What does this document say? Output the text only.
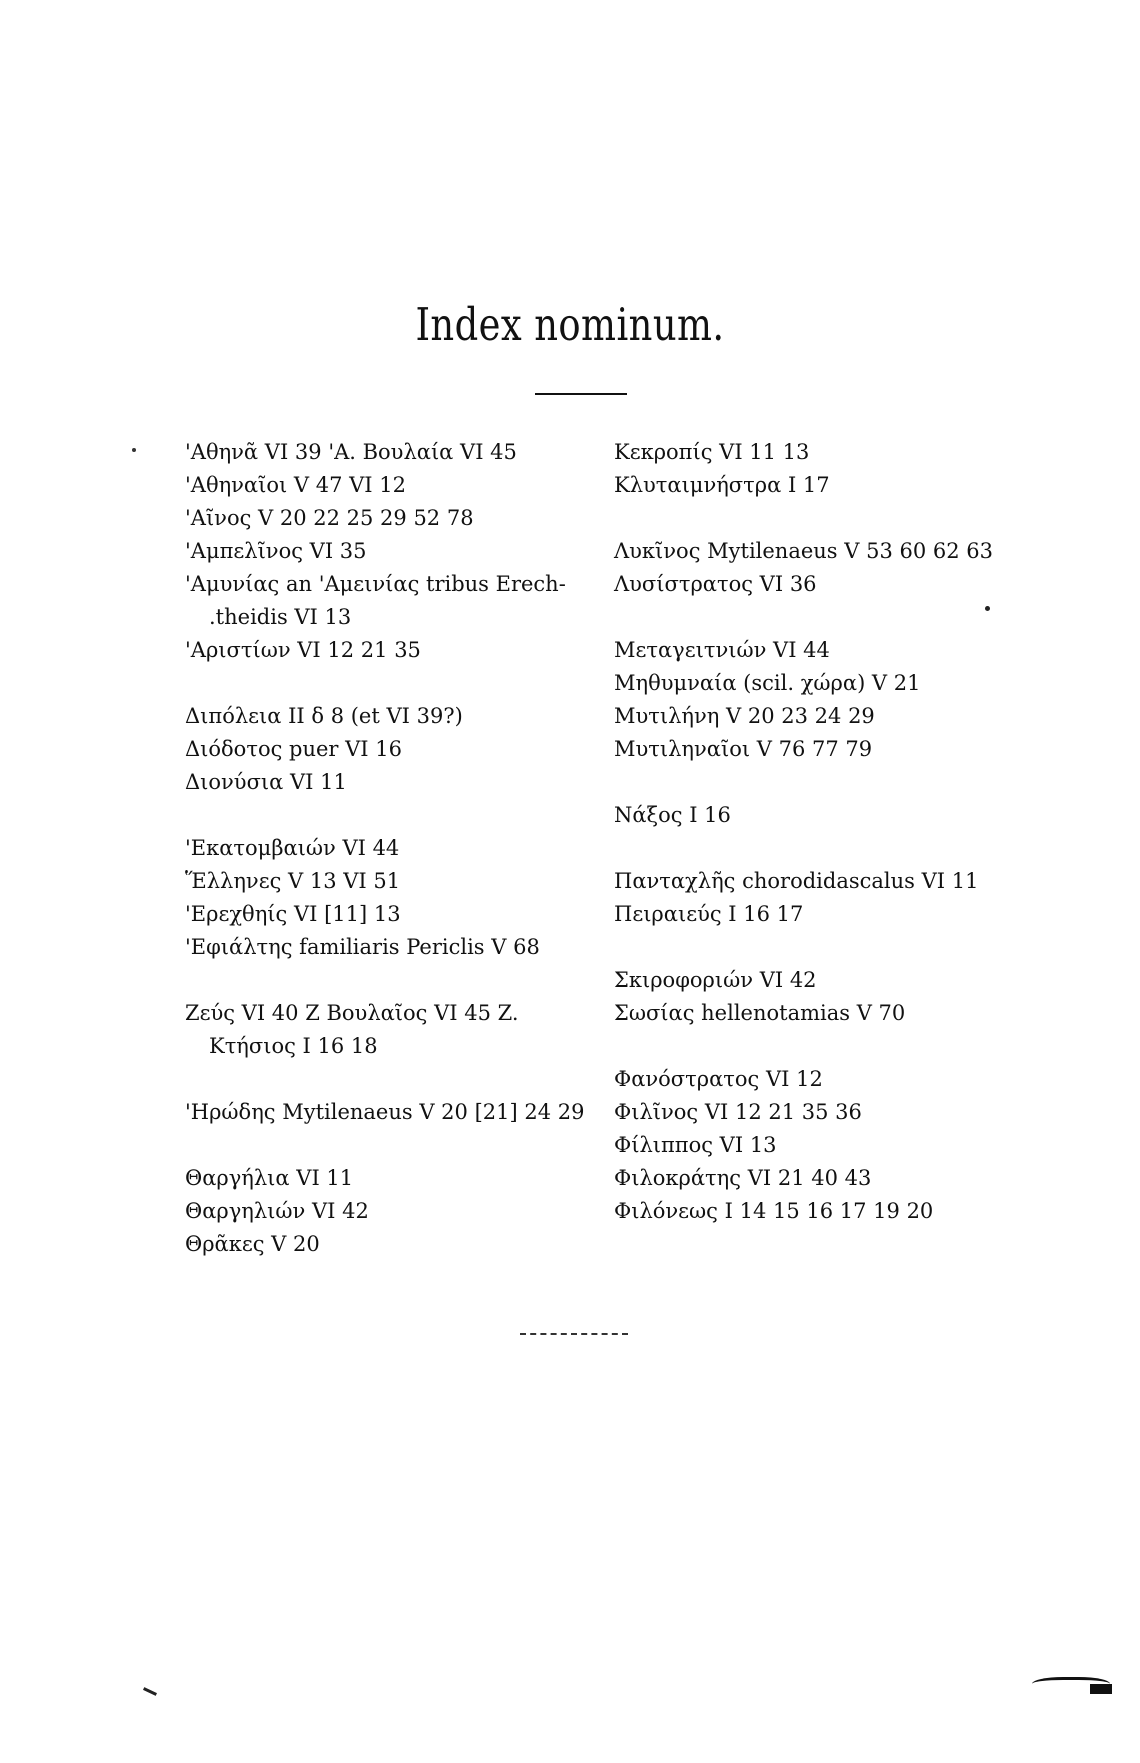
Index nominum.
'Αθηνᾶ VI 39 'A. Βουλαία VI 45
'Αθηναῖοι V 47 VI 12
'Αῖνος V 20 22 25 29 52 78
'Αμπελῖνος VI 35
'Αμυνίας an 'Αμεινίας tribus Erech-
.theidis VI 13
'Αριστίων VI 12 21 35
Διπόλεια II δ 8 (et VI 39?)
Διόδοτος puer VI 16
Διονύσια VI 11
'Εκατομβαιών VI 44
Ἕλληνες V 13 VI 51
'Ερεχθηίς VI [11] 13
'Εφιάλτης familiaris Periclis V 68
Ζεύς VI 40 Z Βουλαῖος VI 45 Z.
Κτήσιος I 16 18
'Ηρώδης Mytilenaeus V 20 [21] 24 29
Θαργήλια VI 11
Θαργηλιών VI 42
Θρᾶκες V 20
Κεκροπίς VI 11 13
Κλυταιμνήστρα I 17
Λυκῖνος Mytilenaeus V 53 60 62 63
Λυσίστρατος VI 36
Μεταγειτνιών VI 44
Μηθυμναία (scil. χώρα) V 21
Μυτιλήνη V 20 23 24 29
Μυτιληναῖοι V 76 77 79
Νάξος I 16
Πανταχλῆς chorodidascalus VI 11
Πειραιεύς I 16 17
Σκιροφοριών VI 42
Σωσίας hellenotamias V 70
Φανόστρατος VI 12
Φιλῖνος VI 12 21 35 36
Φίλιππος VI 13
Φιλοκράτης VI 21 40 43
Φιλόνεως I 14 15 16 17 19 20
